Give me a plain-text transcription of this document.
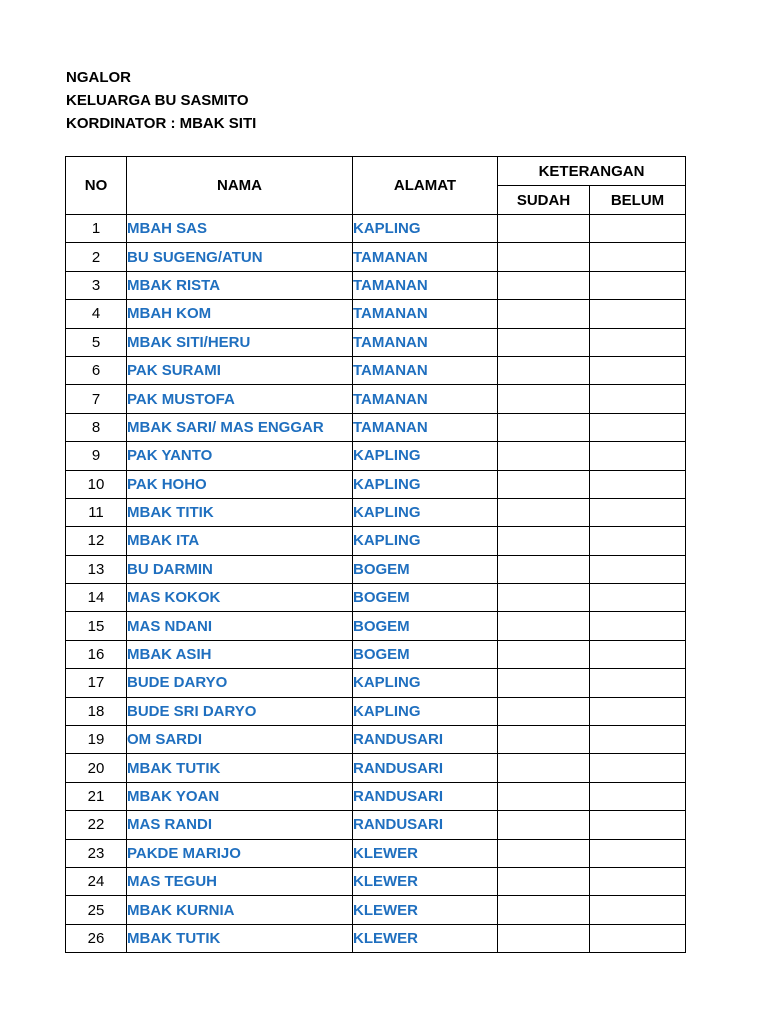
NGALOR
KELUARGA BU SASMITO
KORDINATOR : MBAK SITI
NO	NAMA	ALAMAT	KETERANGAN	
			SUDAH	BELUM
1	MBAH SAS	KAPLING		
2	BU SUGENG/ATUN	TAMANAN		
3	MBAK RISTA	TAMANAN		
4	MBAH KOM	TAMANAN		
5	MBAK SITI/HERU	TAMANAN		
6	PAK SURAMI	TAMANAN		
7	PAK MUSTOFA	TAMANAN		
8	MBAK SARI/ MAS ENGGAR	TAMANAN		
9	PAK YANTO	KAPLING		
10	PAK HOHO	KAPLING		
11	MBAK TITIK	KAPLING		
12	MBAK ITA	KAPLING		
13	BU DARMIN	BOGEM		
14	MAS KOKOK	BOGEM		
15	MAS NDANI	BOGEM		
16	MBAK ASIH	BOGEM		
17	BUDE DARYO	KAPLING		
18	BUDE SRI DARYO	KAPLING		
19	OM SARDI	RANDUSARI		
20	MBAK TUTIK	RANDUSARI		
21	MBAK YOAN	RANDUSARI		
22	MAS RANDI	RANDUSARI		
23	PAKDE MARIJO	KLEWER		
24	MAS TEGUH	KLEWER		
25	MBAK KURNIA	KLEWER		
26	MBAK TUTIK	KLEWER		
